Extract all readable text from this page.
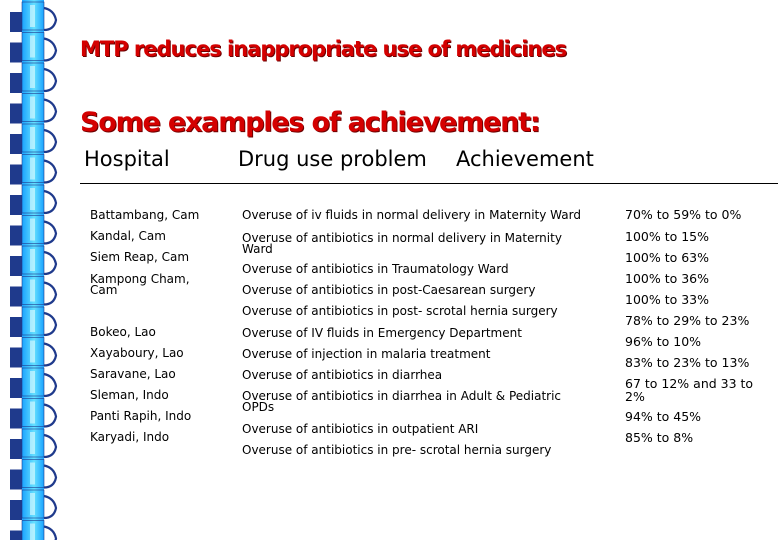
MTP reduces inappropriate use of medicines
Some examples of achievement:
Hospital	Drug use problem Achievement
Battambang, Cam
Kandal, Cam
Siem Reap, Cam
Kampong Cham, Cam
Bokeo, Lao
Xayaboury, Lao
Saravane, Lao
Sleman, Indo
Panti Rapih, Indo
Karyadi, Indo
Overuse of iv fluids in normal delivery in Maternity Ward
Overuse of antibiotics in normal delivery in Maternity Ward
Overuse of antibiotics in Traumatology Ward
Overuse of antibiotics in post-Caesarean surgery
Overuse of antibiotics in post- scrotal hernia surgery
Overuse of IV fluids in Emergency Department
Overuse of injection in malaria treatment
Overuse of antibiotics in diarrhea
Overuse of antibiotics in diarrhea in Adult & Pediatric OPDs
Overuse of antibiotics in outpatient ARI
Overuse of antibiotics in pre- scrotal hernia surgery
70% to 59% to 0%
100% to 15%
100% to 63%
100% to 36%
100% to 33%
78% to 29% to 23%
96% to 10%
83% to 23% to 13%
67 to 12% and 33 to 2%
94% to 45%
85% to 8%
